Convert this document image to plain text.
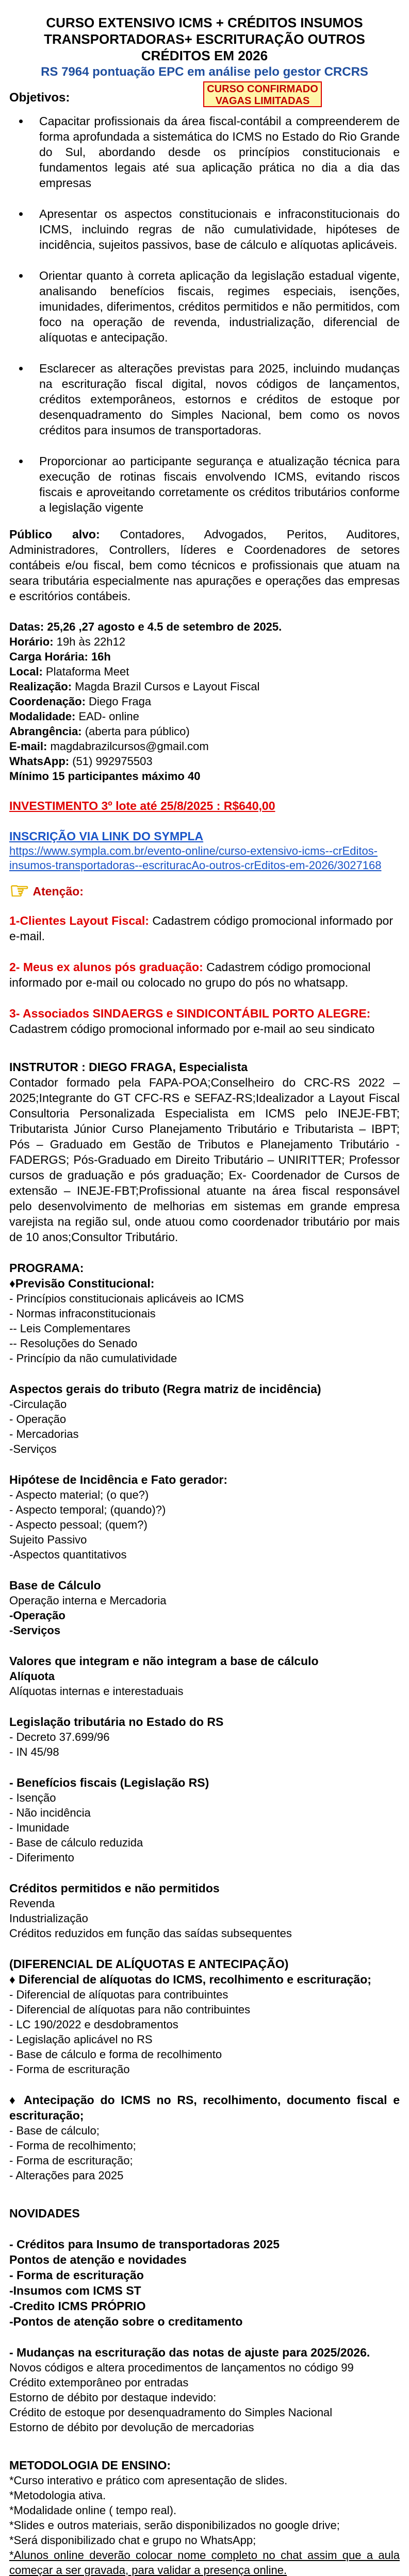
CURSO EXTENSIVO ICMS + CRÉDITOS INSUMOS
TRANSPORTADORAS+ ESCRITURAÇÃO OUTROS CRÉDITOS EM 2026
RS 7964 pontuação EPC em análise pelo gestor CRCRS
Objetivos:
CURSO CONFIRMADO
VAGAS LIMITADAS
• Capacitar profissionais da área fiscal-contábil a compreenderem de forma aprofundada a sistemática do ICMS no Estado do Rio Grande do Sul, abordando desde os princípios constitucionais e fundamentos legais até sua aplicação prática no dia a dia das empresas
• Apresentar os aspectos constitucionais e infraconstitucionais do ICMS, incluindo regras de não cumulatividade, hipóteses de incidência, sujeitos passivos, base de cálculo e alíquotas aplicáveis.
• Orientar quanto à correta aplicação da legislação estadual vigente, analisando benefícios fiscais, regimes especiais, isenções, imunidades, diferimentos, créditos permitidos e não permitidos, com foco na operação de revenda, industrialização, diferencial de alíquotas e antecipação.
• Esclarecer as alterações previstas para 2025, incluindo mudanças na escrituração fiscal digital, novos códigos de lançamentos, créditos extemporâneos, estornos e créditos de estoque por desenquadramento do Simples Nacional, bem como os novos créditos para insumos de transportadoras.
• Proporcionar ao participante segurança e atualização técnica para execução de rotinas fiscais envolvendo ICMS, evitando riscos fiscais e aproveitando corretamente os créditos tributários conforme a legislação vigente

Público alvo: Contadores, Advogados, Peritos, Auditores, Administradores, Controllers, líderes e Coordenadores de setores contábeis e/ou fiscal, bem como técnicos e profissionais que atuam na seara tributária especialmente nas apurações e operações das empresas e escritórios contábeis.

Datas: 25,26 ,27 agosto e 4.5 de setembro de 2025.
Horário: 19h às 22h12
Carga Horária: 16h
Local: Plataforma Meet
Realização: Magda Brazil Cursos e Layout Fiscal
Coordenação: Diego Fraga
Modalidade: EAD- online
Abrangência: (aberta para público)
E-mail: magdabrazilcursos@gmail.com
WhatsApp: (51) 992975503
Mínimo 15 participantes máximo 40
INVESTIMENTO 3º lote até 25/8/2025 : R$640,00
INSCRIÇÃO VIA LINK DO SYMPLA
https://www.sympla.com.br/evento-online/curso-extensivo-icms--crEditos-insumos-transportadoras--escrituracAo-outros-crEditos-em-2026/3027168
☞ Atenção:
1-Clientes Layout Fiscal: Cadastrem código promocional informado por e-mail.
2- Meus ex alunos pós graduação: Cadastrem código promocional informado por e-mail ou colocado no grupo do pós no whatsapp.
3- Associados SINDAERGS e SINDICONTÁBIL PORTO ALEGRE: Cadastrem código promocional informado por e-mail ao seu sindicato
INSTRUTOR : DIEGO FRAGA, Especialista

Contador formado pela FAPA-POA;Conselheiro do CRC-RS 2022 – 2025;Integrante do GT CFC-RS e SEFAZ-RS;Idealizador a Layout Fiscal Consultoria Personalizada Especialista em ICMS pelo INEJE-FBT; Tributarista Júnior Curso Planejamento Tributário e Tributarista – IBPT; Pós – Graduado em Gestão de Tributos e Planejamento Tributário - FADERGS; Pós-Graduado em Direito Tributário – UNIRITTER; Professor cursos de graduação e pós graduação; Ex- Coordenador de Cursos de extensão – INEJE-FBT;Profissional atuante na área fiscal responsável pelo desenvolvimento de melhorias em sistemas em grande empresa varejista na região sul, onde atuou como coordenador tributário por mais de 10 anos;Consultor Tributário.

PROGRAMA:
♦Previsão Constitucional:
- Princípios constitucionais aplicáveis ao ICMS
- Normas infraconstitucionais
-- Leis Complementares
-- Resoluções do Senado
- Princípio da não cumulatividade
Aspectos gerais do tributo (Regra matriz de incidência)
-Circulação
- Operação
- Mercadorias
-Serviços
Hipótese de Incidência e Fato gerador:
- Aspecto material; (o que?)
- Aspecto temporal; (quando)?)
- Aspecto pessoal; (quem?)
Sujeito Passivo
-Aspectos quantitativos
Base de Cálculo
Operação interna e Mercadoria
-Operação
-Serviços
Valores que integram e não integram a base de cálculo
Alíquota
Alíquotas internas e interestaduais
Legislação tributária no Estado do RS
- Decreto 37.699/96
- IN 45/98
- Benefícios fiscais (Legislação RS)
- Isenção
- Não incidência
- Imunidade
- Base de cálculo reduzida
- Diferimento
Créditos permitidos e não permitidos
Revenda
Industrialização
Créditos reduzidos em função das saídas subsequentes
(DIFERENCIAL DE ALÍQUOTAS E ANTECIPAÇÃO)

♦ Diferencial de alíquotas do ICMS, recolhimento e escrituração;

- Diferencial de alíquotas para contribuintes
- Diferencial de alíquotas para não contribuintes
- LC 190/2022 e desdobramentos
- Legislação aplicável no RS
- Base de cálculo e forma de recolhimento
- Forma de escrituração

♦ Antecipação do ICMS no RS, recolhimento, documento fiscal e escrituração;

- Base de cálculo;
- Forma de recolhimento;
- Forma de escrituração;
- Alterações para 2025
NOVIDADES
- Créditos para Insumo de transportadoras 2025
Pontos de atenção e novidades
- Forma de escrituração
-Insumos com ICMS ST
-Credito ICMS PRÓPRIO
-Pontos de atenção sobre o creditamento

- Mudanças na escrituração das notas de ajuste para 2025/2026.

Novos códigos e altera procedimentos de lançamentos no código 99
Crédito extemporâneo por entradas
Estorno de débito por destaque indevido:
Crédito de estoque por desenquadramento do Simples Nacional
Estorno de débito por devolução de mercadorias
METODOLOGIA DE ENSINO:
*Curso interativo e prático com apresentação de slides.
*Metodologia ativa.
*Modalidade online ( tempo real).
*Slides e outros materiais, serão disponibilizados no google drive;
*Será disponibilizado chat e grupo no WhatsApp;

*Alunos online deverão colocar nome completo no chat assim que a aula começar a ser gravada, para validar a presença online.
